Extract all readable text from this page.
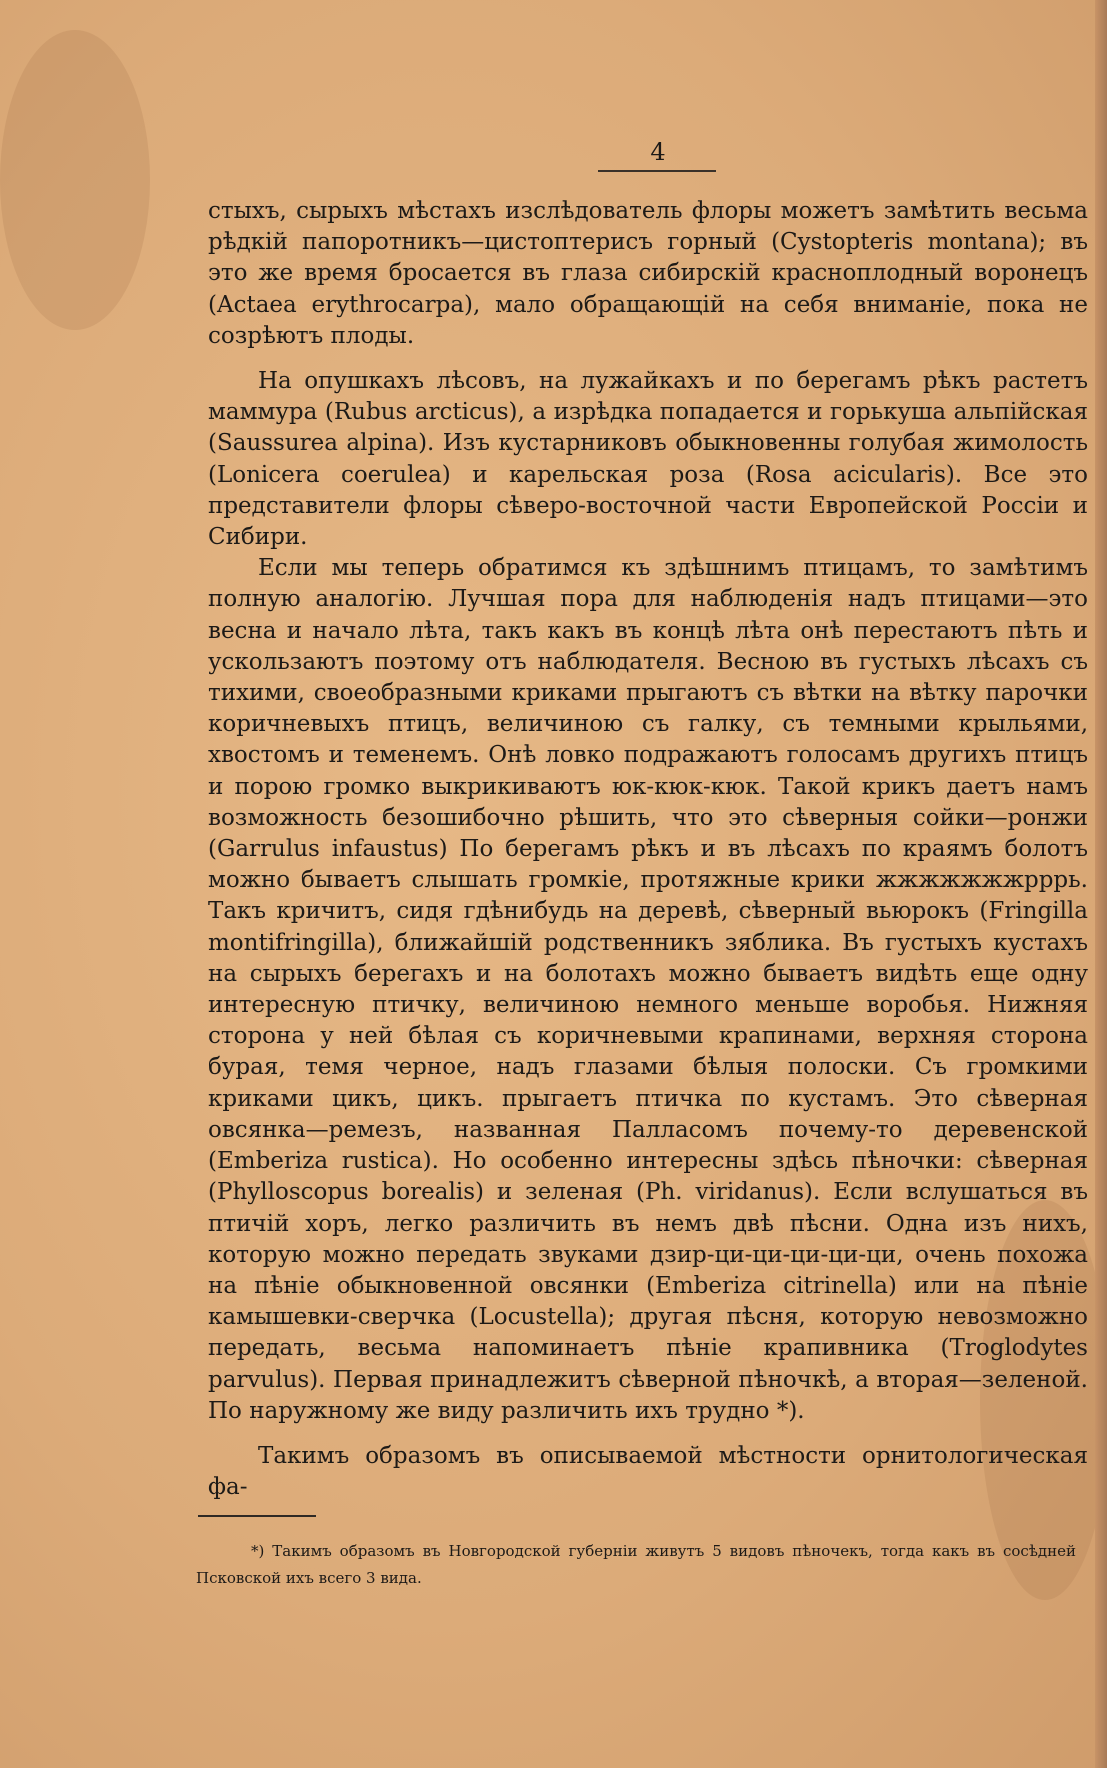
4

стыхъ, сырыхъ мѣстахъ изслѣдователь флоры можетъ замѣтить весьма рѣдкій папоротникъ—цистоптерисъ горный (Cystopteris montana); въ это же время бросается въ глаза сибирскій краснoплодный воронецъ (Actaea erythrocarpa), мало обращающій на себя вниманіе, пока не созрѣютъ плоды.

На опушкахъ лѣсовъ, на лужайкахъ и по берегамъ рѣкъ растетъ маммура (Rubus arcticus), а изрѣдка попадается и горькуша альпійская (Saussurea alpina). Изъ кустарниковъ обыкновенны голубая жимолость (Lonicera coerulea) и карельская роза (Rosa acicularis). Все это представители флоры сѣверо-восточной части Европейской Россіи и Сибири.

Если мы теперь обратимся къ здѣшнимъ птицамъ, то замѣтимъ полную аналогію. Лучшая пора для наблюденія надъ птицами—это весна и начало лѣта, такъ какъ въ концѣ лѣта онѣ перестаютъ пѣть и ускользаютъ поэтому отъ наблюдателя. Весною въ густыхъ лѣсахъ съ тихими, своеобразными криками прыгаютъ съ вѣтки на вѣтку парочки коричневыхъ птицъ, величиною съ галку, съ темными крыльями, хвостомъ и теменемъ. Онѣ ловко подражаютъ голосамъ другихъ птицъ и порою громко выкрикиваютъ юк-кюк-кюк. Такой крикъ даетъ намъ возможность безошибочно рѣшить, что это сѣверныя сойки—ронжи (Garrulus infaustus) По берегамъ рѣкъ и въ лѣсахъ по краямъ болотъ можно бываетъ слышать громкіе, протяжные крики жжжжжжжрррь. Такъ кричитъ, сидя гдѣнибудь на деревѣ, сѣверный вьюрокъ (Fringilla montifringilla), ближайшій родственникъ зяблика. Въ густыхъ кустахъ на сырыхъ берегахъ и на болотахъ можно бываетъ видѣть еще одну интересную птичку, величиною немного меньше воробья. Нижняя сторона у ней бѣлая съ коричневыми крапинами, верхняя сторона бурая, темя черное, надъ глазами бѣлыя полоски. Съ громкими криками цикъ, цикъ. прыгаетъ птичка по кустамъ. Это сѣверная овсянка—ремезъ, названная Палласомъ почему-то деревенской (Emberiza rustica). Но особенно интересны здѣсь пѣночки: сѣверная (Phylloscopus borealis) и зеленая (Ph. viridanus). Если вслушаться въ птичій хоръ, легко различить въ немъ двѣ пѣсни. Одна изъ нихъ, которую можно передать звуками дзир-ци-ци-ци-ци-ци, очень похожа на пѣніе обыкновенной овсянки (Emberiza citrinella) или на пѣніе камышевки-сверчка (Locustella); другая пѣсня, которую невозможно передать, весьма напоминаетъ пѣніе крапивника (Troglodytes parvulus). Первая принадлежитъ сѣверной пѣночкѣ, а вторая—зеленой. По наружному же виду различить ихъ трудно *).

Такимъ образомъ въ описываемой мѣстности орнитологическая фа-

*) Такимъ образомъ въ Новгородской губерніи живутъ 5 видовъ пѣночекъ, тогда какъ въ сосѣдней Псковской ихъ всего 3 вида.
